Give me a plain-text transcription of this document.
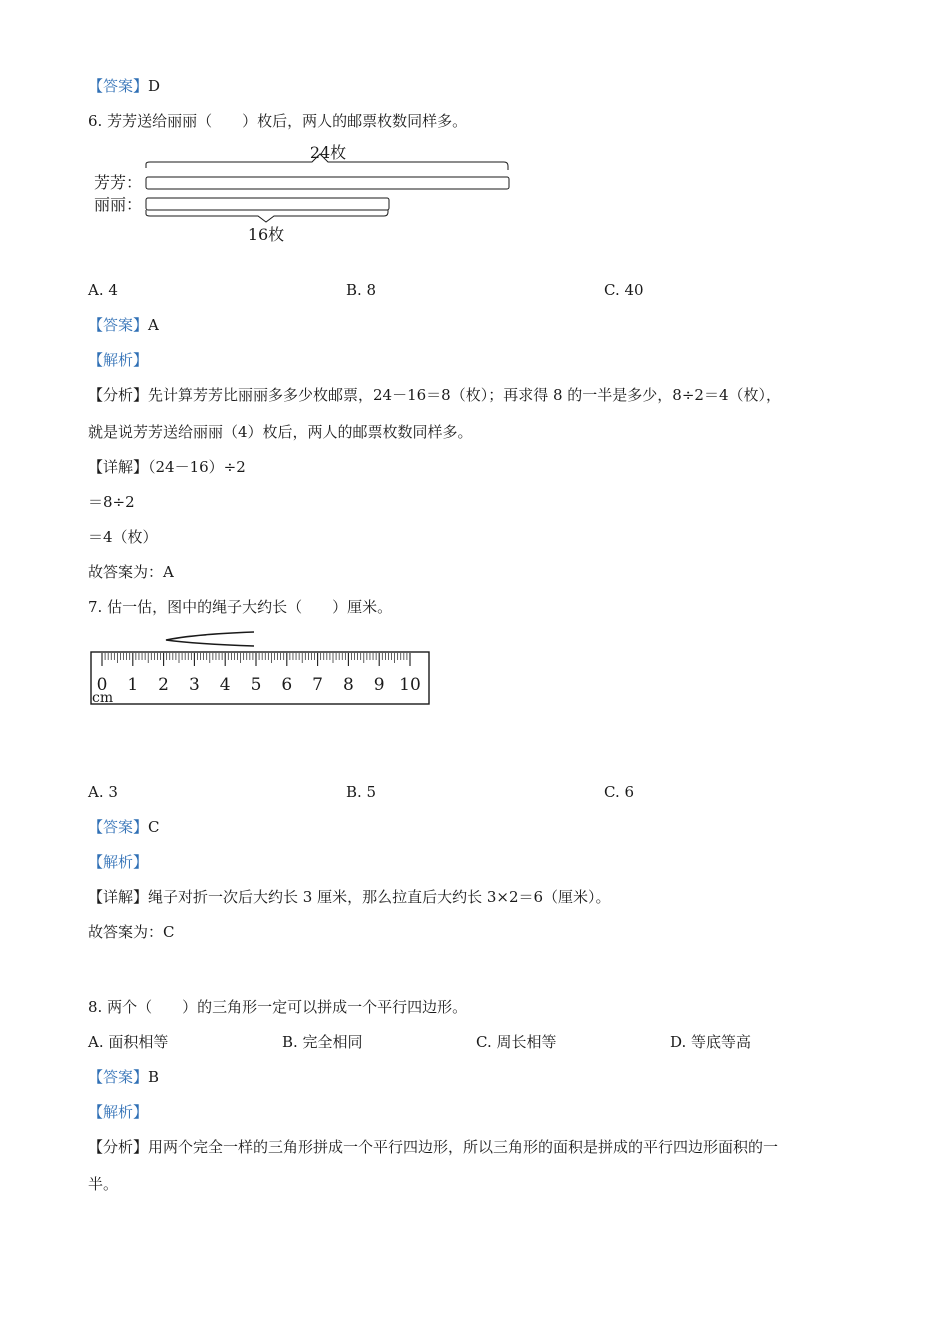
【答案】D
6. 芳芳送给丽丽（　　）枚后，两人的邮票枚数同样多。
24枚
芳芳：
丽丽：
16枚
A. 4	B. 8	C. 40
【答案】A
【解析】
【分析】先计算芳芳比丽丽多多少枚邮票，24－16＝8（枚）；再求得 8 的一半是多少，8÷2＝4（枚），
就是说芳芳送给丽丽（4）枚后，两人的邮票枚数同样多。
【详解】（24－16）÷2
＝8÷2
＝4（枚）
故答案为：A
7. 估一估，图中的绳子大约长（　　）厘米。
0 1 2 3 4 5 6 7 8 9 10
cm
A. 3	B. 5	C. 6
【答案】C
【解析】
【详解】绳子对折一次后大约长 3 厘米，那么拉直后大约长 3×2＝6（厘米）。
故答案为：C
8. 两个（　　）的三角形一定可以拼成一个平行四边形。
A. 面积相等	B. 完全相同	C. 周长相等	D. 等底等高
【答案】B
【解析】
【分析】用两个完全一样的三角形拼成一个平行四边形，所以三角形的面积是拼成的平行四边形面积的一
半。
